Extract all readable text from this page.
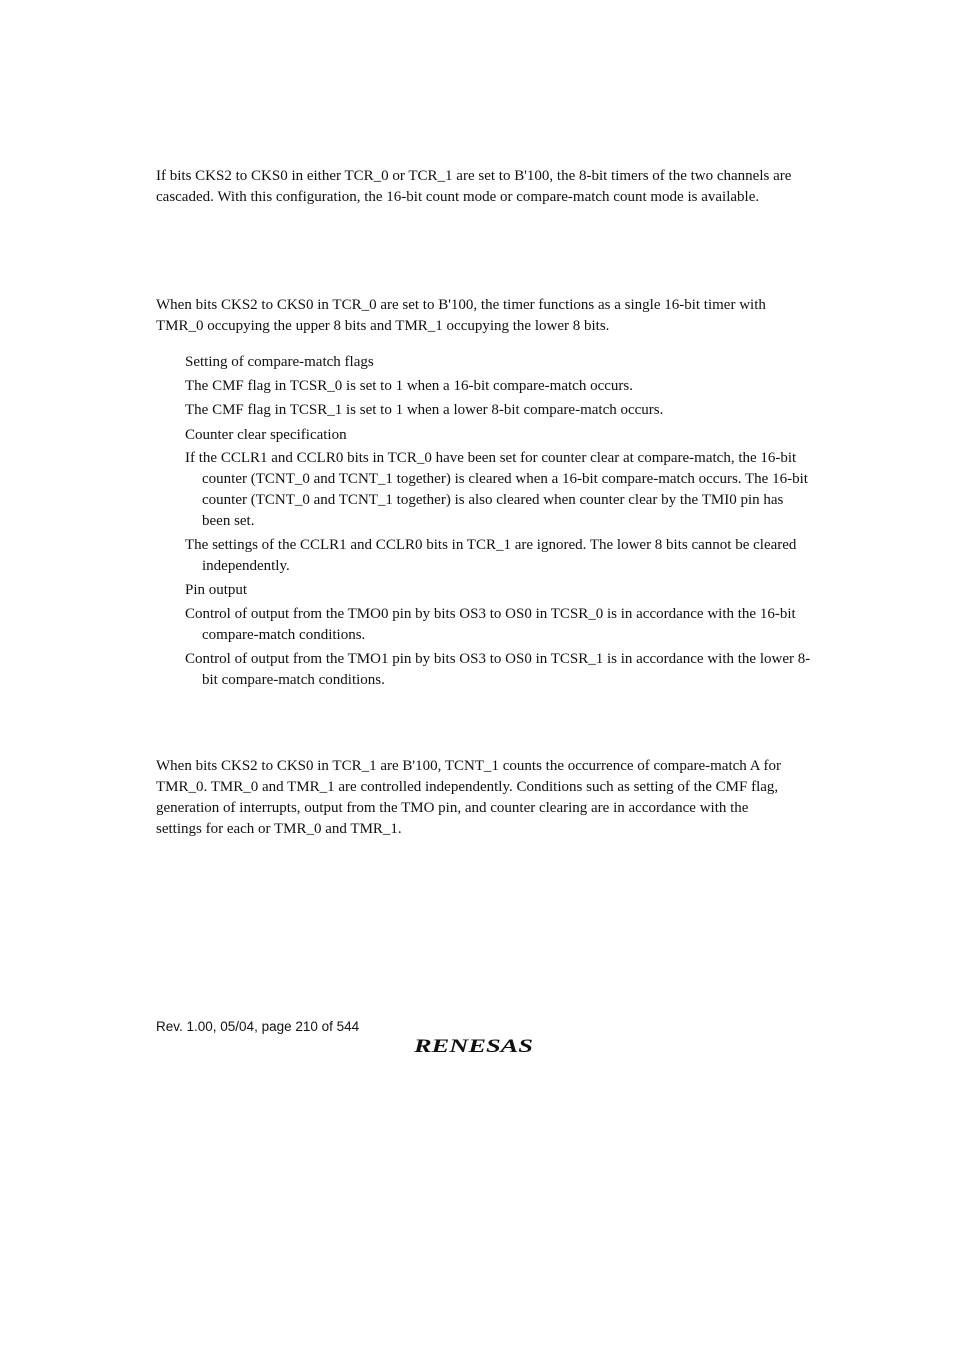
If bits CKS2 to CKS0 in either TCR_0 or TCR_1 are set to B'100, the 8-bit timers of the two channels are cascaded. With this configuration, the 16-bit count mode or compare-match count mode is available.

When bits CKS2 to CKS0 in TCR_0 are set to B'100, the timer functions as a single 16-bit timer with TMR_0 occupying the upper 8 bits and TMR_1 occupying the lower 8 bits.

Setting of compare-match flags

The CMF flag in TCSR_0 is set to 1 when a 16-bit compare-match occurs.

The CMF flag in TCSR_1 is set to 1 when a lower 8-bit compare-match occurs.

Counter clear specification

If the CCLR1 and CCLR0 bits in TCR_0 have been set for counter clear at compare-match, the 16-bit counter (TCNT_0 and TCNT_1 together) is cleared when a 16-bit compare-match occurs. The 16-bit counter (TCNT_0 and TCNT_1 together) is also cleared when counter clear by the TMI0 pin has been set.

The settings of the CCLR1 and CCLR0 bits in TCR_1 are ignored. The lower 8 bits cannot be cleared independently.

Pin output

Control of output from the TMO0 pin by bits OS3 to OS0 in TCSR_0 is in accordance with the 16-bit compare-match conditions.

Control of output from the TMO1 pin by bits OS3 to OS0 in TCSR_1 is in accordance with the lower 8-bit compare-match conditions.

When bits CKS2 to CKS0 in TCR_1 are B'100, TCNT_1 counts the occurrence of compare-match A for TMR_0. TMR_0 and TMR_1 are controlled independently. Conditions such as setting of the CMF flag, generation of interrupts, output from the TMO pin, and counter clearing are in accordance with the settings for each or TMR_0 and TMR_1.

Rev. 1.00, 05/04, page 210 of 544
RENESAS
